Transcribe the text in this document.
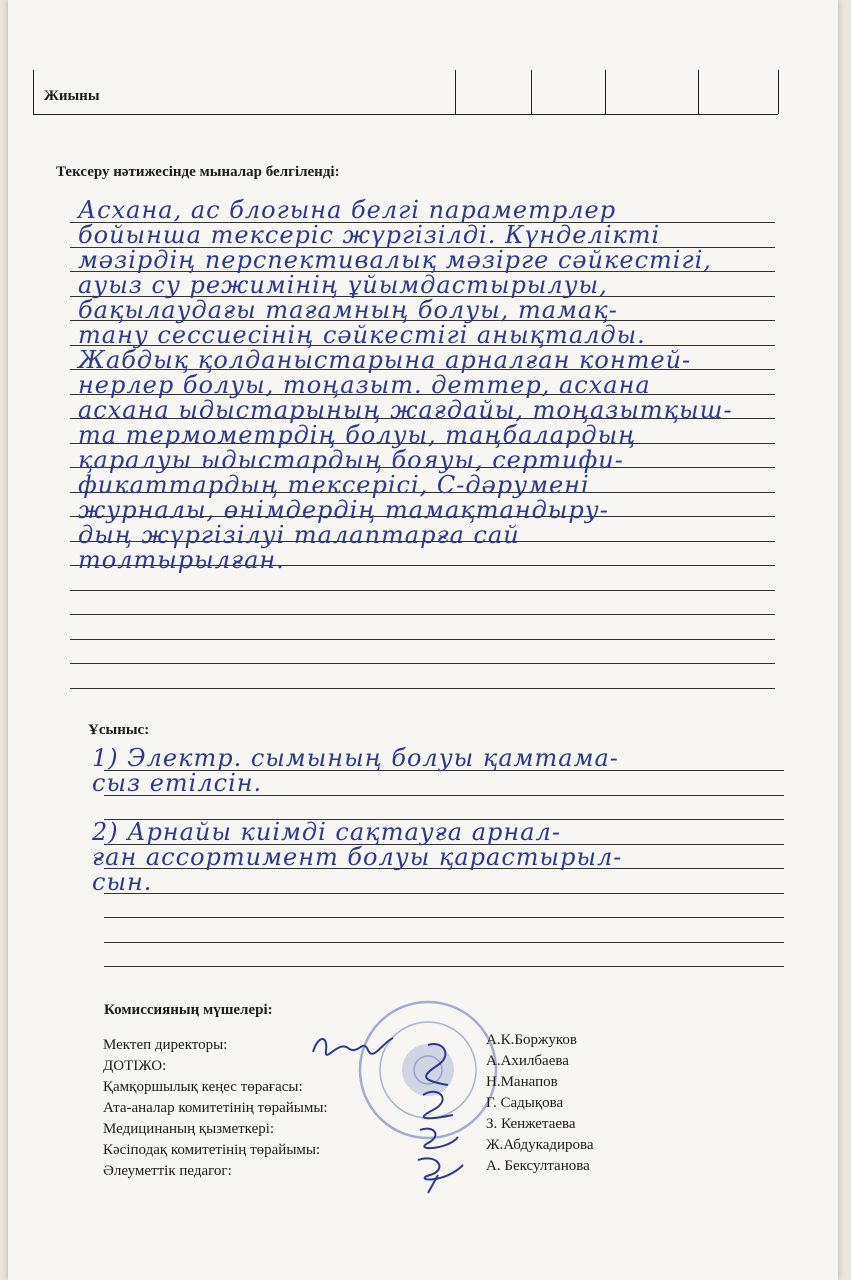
Жиыны
Тексеру нәтижесінде мыналар белгіленді:
Асхана, ас блогына белгі параметрлер
бойынша тексеріс жүргізілді. Күнделікті
мәзірдің перспективалық мәзірге сәйкестігі,
ауыз су режимінің ұйымдастырылуы,
бақылаудағы тағамның болуы, тамақ-
тану сессиесінің сәйкестігі анықталды.
Жабдық қолданыстарына арналған контей-
нерлер болуы, тоңазыт. деттер, асхана
асхана ыдыстарының жағдайы, тоңазытқыш-
та термометрдің болуы, таңбалардың
қаралуы ыдыстардың бояуы, сертифи-
фикаттардың тексерісі, С-дәрумені
журналы, өнімдердің тамақтандыру-
дың жүргізілуі талаптарға сай
толтырылған.
Ұсыныс:
1) Электр. сымының болуы қамтама-
сыз етілсін.
2) Арнайы киімді сақтауға арнал-
ған ассортимент болуы қарастырыл-
сын.
Комиссияның мүшелері:
Мектеп директоры:
ДОТІЖО:
Қамқоршылық кеңес төрағасы:
Ата-аналар комитетінің төрайымы:
Медицинаның қызметкері:
Кәсіподақ комитетінің төрайымы:
Әлеуметтік педагог:
А.К.Боржуков
А.Ахилбаева
Н.Манапов
Г. Садықова
З. Кенжетаева
Ж.Абдукадирова
А. Бексултанова
